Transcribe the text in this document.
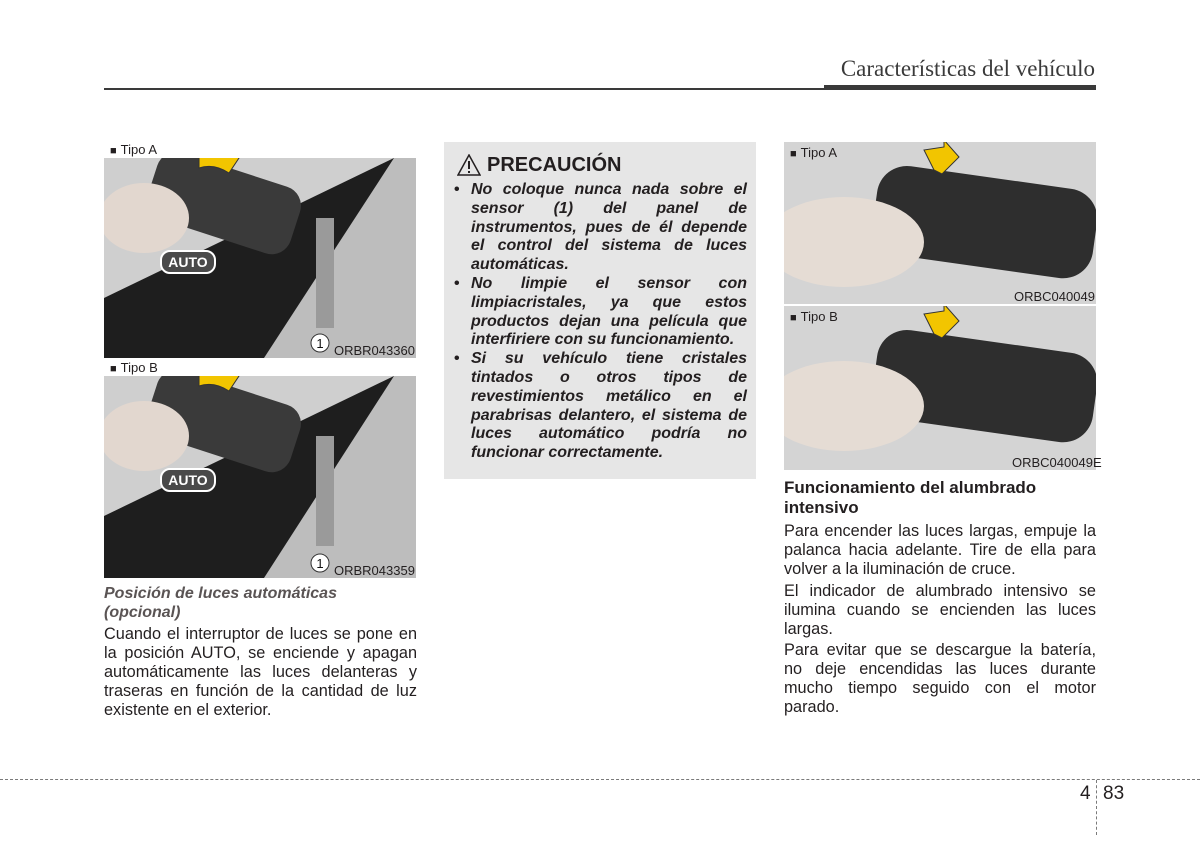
Características del vehículo
■ Tipo A
1
AUTO
ORBR043360
■ Tipo B
1
AUTO
ORBR043359
Posición de luces automáticas (opcional)
Cuando el interruptor de luces se pone en la posición AUTO, se enciende y apagan automáticamente las luces delanteras y traseras en función de la cantidad de luz existente en el exterior.
PRECAUCIÓN
• No coloque nunca nada sobre el sensor (1) del panel de instrumentos, pues de él depende el control del sistema de luces automáticas.
• No limpie el sensor con limpiacristales, ya que estos productos dejan una película que interfiriere con su funcionamiento.
• Si su vehículo tiene cristales tintados o otros tipos de revestimientos metálico en el parabrisas delantero, el sistema de luces automático podría no funcionar correctamente.
■ Tipo A
ORBC040049
■ Tipo B
ORBC040049E
Funcionamiento del alumbrado intensivo
Para encender las luces largas, empuje la palanca hacia adelante. Tire de ella para volver a la iluminación de cruce.
El indicador de alumbrado intensivo se ilumina cuando se encienden las luces largas.
Para evitar que se descargue la batería, no deje encendidas las luces durante mucho tiempo seguido con el motor parado.
4 83
